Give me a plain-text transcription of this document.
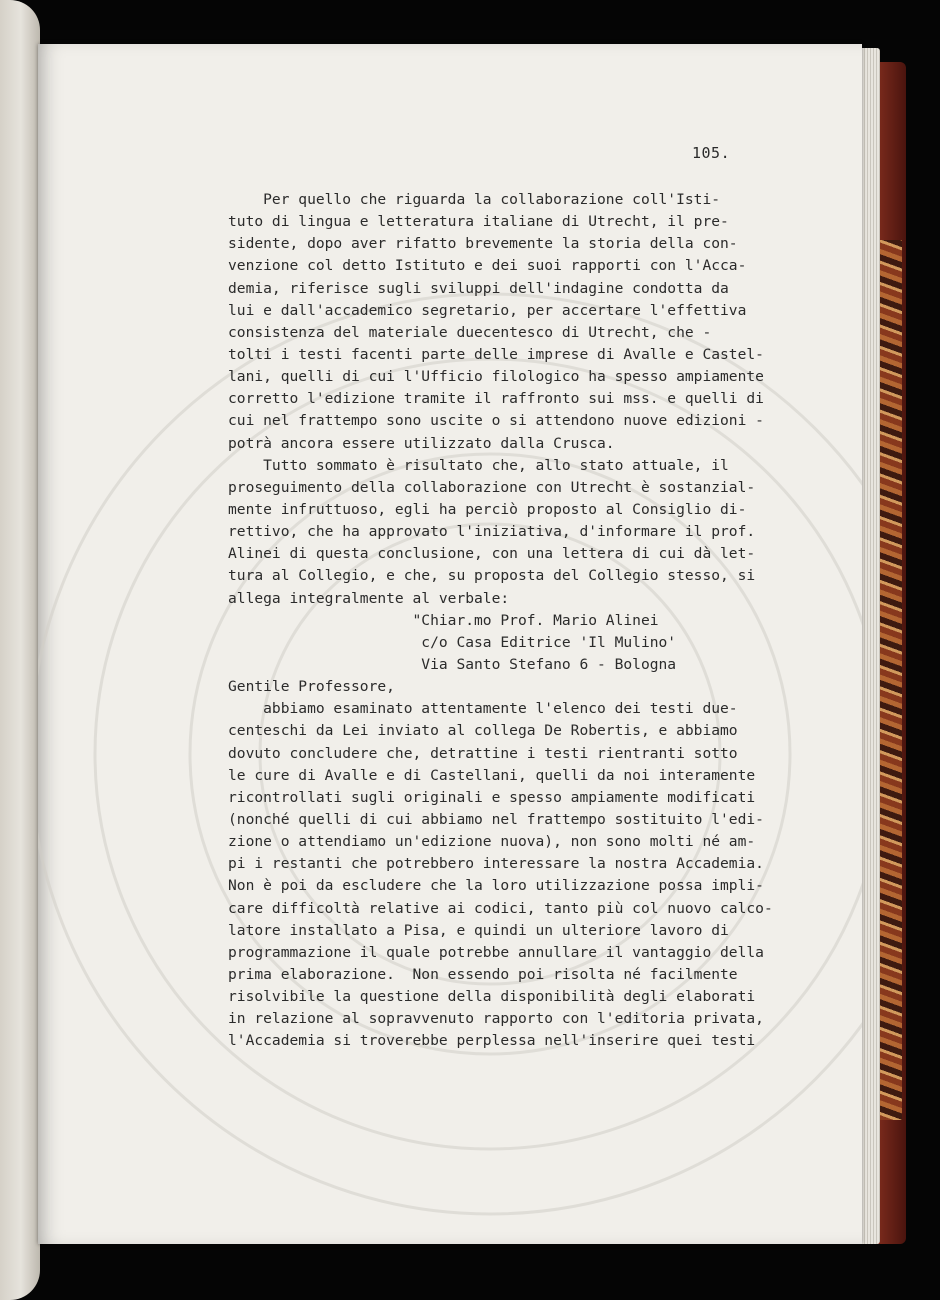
105.
Per quello che riguarda la collaborazione coll'Isti-
tuto di lingua e letteratura italiane di Utrecht, il pre-
sidente, dopo aver rifatto brevemente la storia della con-
venzione col detto Istituto e dei suoi rapporti con l'Acca-
demia, riferisce sugli sviluppi dell'indagine condotta da
lui e dall'accademico segretario, per accertare l'effettiva
consistenza del materiale duecentesco di Utrecht, che -
tolti i testi facenti parte delle imprese di Avalle e Castel-
lani, quelli di cui l'Ufficio filologico ha spesso ampiamente
corretto l'edizione tramite il raffronto sui mss. e quelli di
cui nel frattempo sono uscite o si attendono nuove edizioni -
potrà ancora essere utilizzato dalla Crusca.
Tutto sommato è risultato che, allo stato attuale, il
proseguimento della collaborazione con Utrecht è sostanzial-
mente infruttuoso, egli ha perciò proposto al Consiglio di-
rettivo, che ha approvato l'iniziativa, d'informare il prof.
Alinei di questa conclusione, con una lettera di cui dà let-
tura al Collegio, e che, su proposta del Collegio stesso, si
allega integralmente al verbale:
"Chiar.mo Prof. Mario Alinei
c/o Casa Editrice 'Il Mulino'
Via Santo Stefano 6 - Bologna
Gentile Professore,
abbiamo esaminato attentamente l'elenco dei testi due-
centeschi da Lei inviato al collega De Robertis, e abbiamo
dovuto concludere che, detrattine i testi rientranti sotto
le cure di Avalle e di Castellani, quelli da noi interamente
ricontrollati sugli originali e spesso ampiamente modificati
(nonché quelli di cui abbiamo nel frattempo sostituito l'edi-
zione o attendiamo un'edizione nuova), non sono molti né am-
pi i restanti che potrebbero interessare la nostra Accademia.
Non è poi da escludere che la loro utilizzazione possa impli-
care difficoltà relative ai codici, tanto più col nuovo calco-
latore installato a Pisa, e quindi un ulteriore lavoro di
programmazione il quale potrebbe annullare il vantaggio della
prima elaborazione.  Non essendo poi risolta né facilmente
risolvibile la questione della disponibilità degli elaborati
in relazione al sopravvenuto rapporto con l'editoria privata,
l'Accademia si troverebbe perplessa nell'inserire quei testi
